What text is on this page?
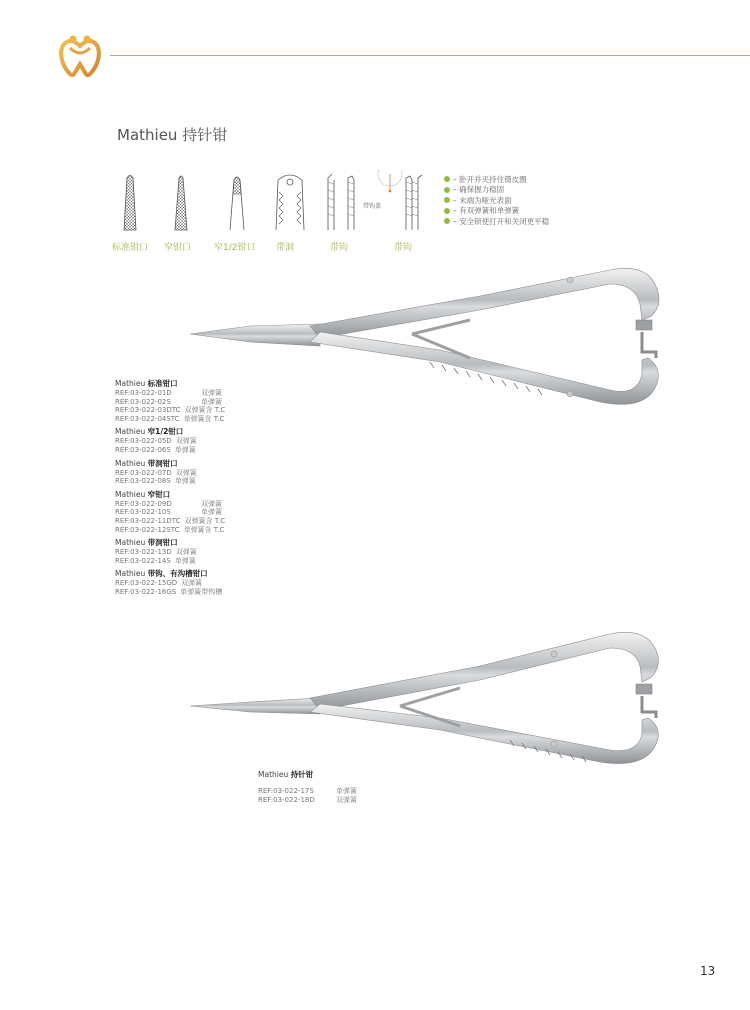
Mathieu 持针钳
标准钳口 窄钳口	窄1/2钳口 带洞	带钩	带钩
带钩盖
– 卧开并夹持住镊皮圈
– 确保握力稳固
– 末端为哑光表面
– 有双弹簧和单弹簧
– 安全锁使打开和关闭更平稳
Mathieu 标准钳口
REF:03-022-01D	双弹簧
REF:03-022-02S	单弹簧
REF:03-022-03DTC 双弹簧含 T.C
REF:03-022-04STC 单弹簧含 T.C
Mathieu 窄1/2钳口
REF:03-022-05D 双弹簧
REF:03-022-06S 单弹簧
Mathieu 带洞钳口
REF:03-022-07D 双弹簧
REF:03-022-08S 单弹簧
Mathieu 窄钳口
REF:03-022-09D	双弹簧
REF:03-022-10S	单弹簧
REF:03-022-11DTC 双弹簧含 T.C
REF:03-022-12STC 单弹簧含 T.C
Mathieu 带洞钳口
REF:03-022-13D 双弹簧
REF:03-022-14S 单弹簧
Mathieu 带钩、有沟槽钳口
REF:03-022-15GD 双弹簧
REF:03-022-16GS 单弹簧带钩槽
Mathieu 持针钳
REF:03-022-17S	单弹簧
REF:03-022-18D	双弹簧
13
